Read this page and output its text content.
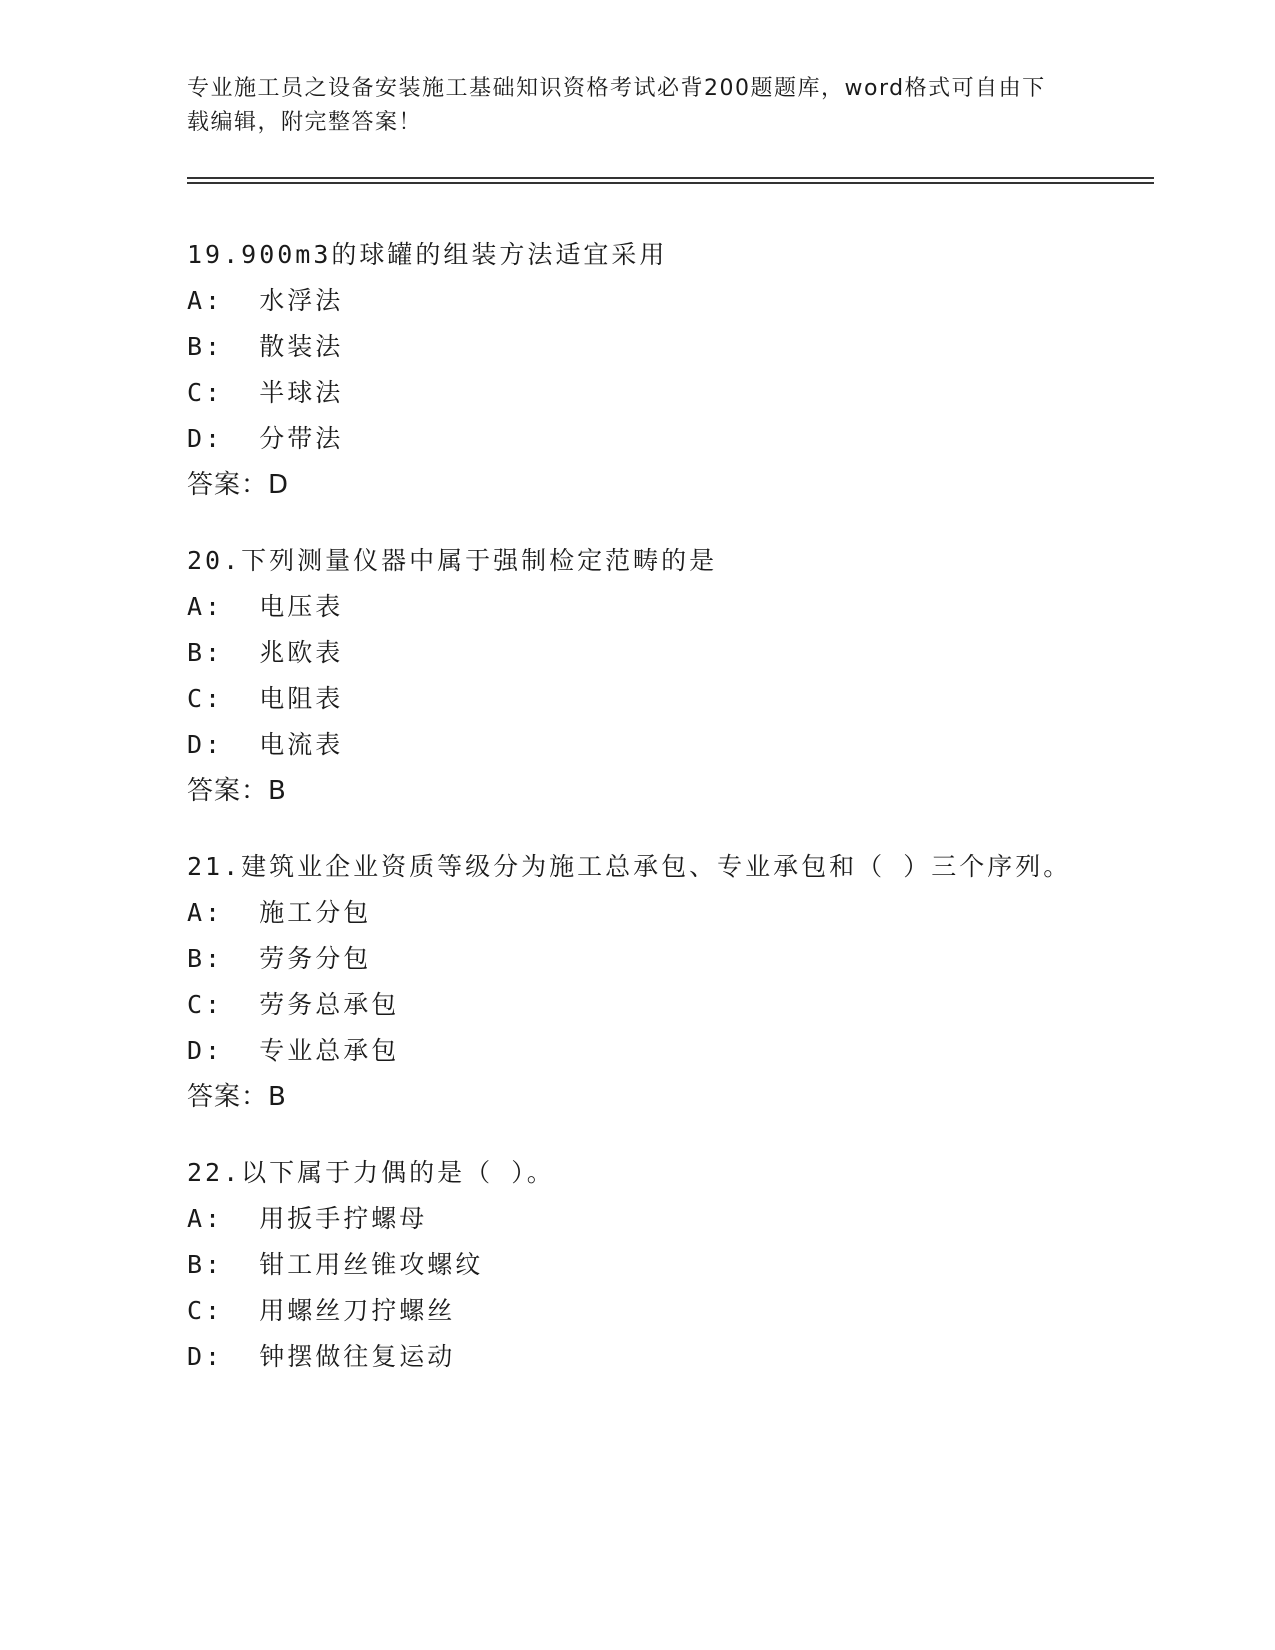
专业施工员之设备安装施工基础知识资格考试必背200题题库，word格式可自由下载编辑，附完整答案！
19.900m3的球罐的组装方法适宜采用
A:  水浮法
B:  散装法
C:  半球法
D:  分带法
答案：D
20.下列测量仪器中属于强制检定范畴的是
A:  电压表
B:  兆欧表
C:  电阻表
D:  电流表
答案：B
21.建筑业企业资质等级分为施工总承包、专业承包和（ ）三个序列。
A:  施工分包
B:  劳务分包
C:  劳务总承包
D:  专业总承包
答案：B
22.以下属于力偶的是（ ）。
A:  用扳手拧螺母
B:  钳工用丝锥攻螺纹
C:  用螺丝刀拧螺丝
D:  钟摆做往复运动
